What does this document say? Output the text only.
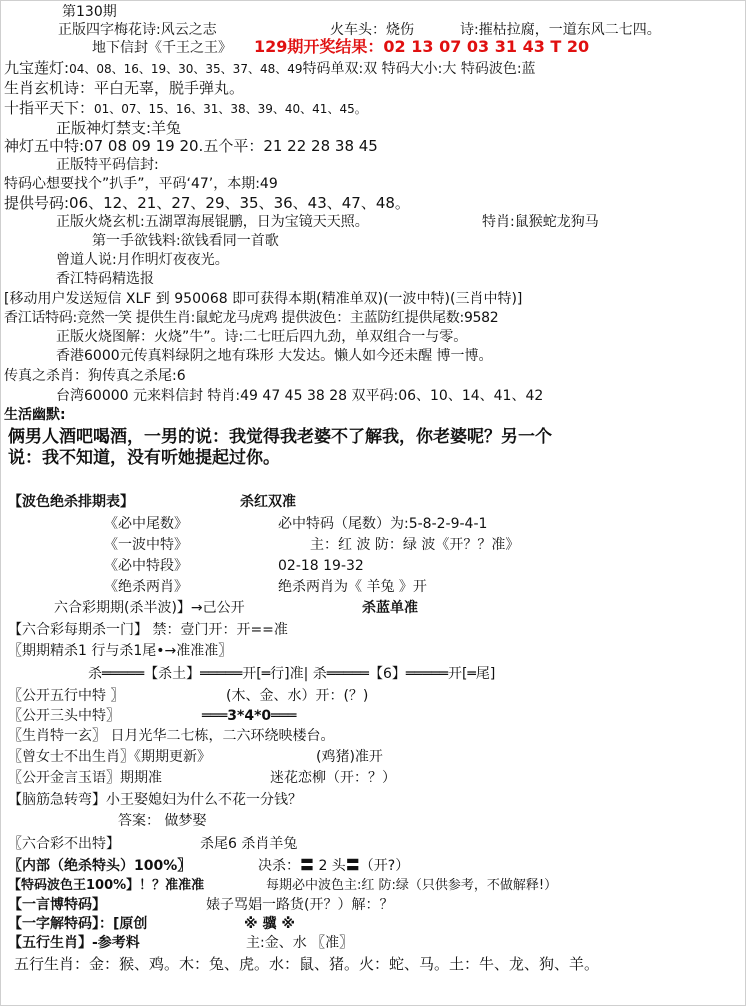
第130期
正版四字梅花诗:风云之志	火车头：烧伤	诗:摧枯拉腐，一道东风二七四。
地下信封《千王之王》 129期开奖结果：02 13 07 03 31 43 T 20
九宝莲灯:04、08、16、19、30、35、37、48、49特码单双:双 特码大小:大 特码波色:蓝
生肖玄机诗：平白无辜，脱手弹丸。
十指平天下：01、07、15、16、31、38、39、40、41、45。
正版神灯禁支:羊兔
神灯五中特:07 08 09 19 20.五个平：21 22 28 38 45
正版特平码信封:
特码心想要找个”扒手”，平码‘47’，本期:49
提供号码:06、12、21、27、29、35、36、43、47、48。
正版火烧玄机:五湖罩海展锟鹏，日为宝镜天天照。	特肖:鼠猴蛇龙狗马
第一手欲钱料:欲钱看同一首歌
曾道人说:月作明灯夜夜光。
香江特码精选报
[移动用户发送短信 XLF 到 950068 即可获得本期(精准单双)(一波中特)(三肖中特)]
香江话特码:竞然一笑 提供生肖:鼠蛇龙马虎鸡 提供波色：主蓝防红提供尾数:9582
正版火烧图解：火烧”牛”。诗:二七旺后四九劲，单双组合一与零。
香港6000元传真料绿阴之地有珠形 大发达。懒人如今还未醒 博一博。
传真之杀肖：狗传真之杀尾:6
台湾60000 元来料信封 特肖:49 47 45 38 28 双平码:06、10、14、41、42
生活幽默:
俩男人酒吧喝酒，一男的说：我觉得我老婆不了解我，你老婆呢？另一个
说：我不知道，没有听她提起过你。
【波色绝杀排期表】	杀红双准
《必中尾数》	必中特码（尾数）为:5-8-2-9-4-1
《一波中特》	主：红 波 防：绿 波《开？？准》
《必中特段》	02-18 19-32
《绝杀两肖》	绝杀两肖为《 羊兔 》开
六合彩期期(杀半波)】→己公开	杀蓝单准
【六合彩每期杀一门】 禁：壹门开：开==准
〖期期精杀1 行与杀1尾•→准准准〗
杀═════【杀土】═════开[═行]准| 杀═════【6】═════开[═尾]
〖公开五行中特 〗	(木、金、水）开：(？)
〖公开三头中特〗	═══3*4*0═══
〖生肖特一玄〗 日月光华二七栋，二六环绕映楼台。
〖曾女士不出生肖〗《期期更新》	(鸡猪)准开
〖公开金言玉语〗期期准	迷花恋柳（开：？）
【脑筋急转弯】小王娶媳妇为什么不花一分钱？
答案： 做梦娶
〖六合彩不出特】	杀尾6 杀肖羊兔
〖内部（绝杀特头）100%〗	决杀：〓 2 头〓（开?）
【特码波色王100%】！？准准准	每期必中波色主:红 防:绿（只供参考，不做解释!）
【一言博特码】	婊子骂娼一路货(开？）解：？
【一字解特码】：[原创	※ 骥 ※
【五行生肖】-参考料	主:金、水 〖准〗
五行生肖：金：猴、鸡。木：兔、虎。水：鼠、猪。火：蛇、马。土：牛、龙、狗、羊。
